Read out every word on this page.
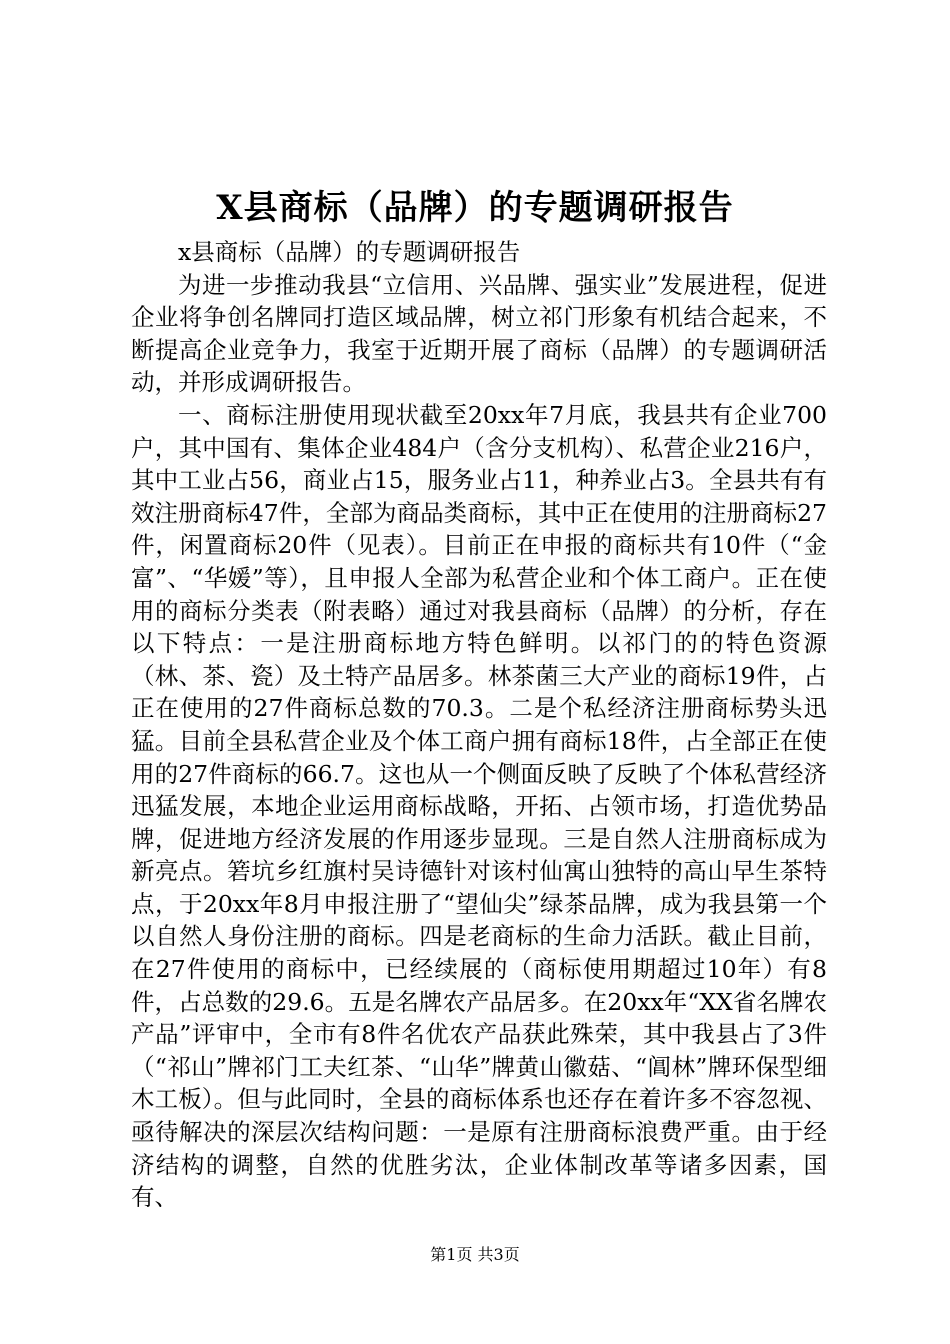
X县商标（品牌）的专题调研报告

x县商标（品牌）的专题调研报告

为进一步推动我县“立信用、兴品牌、强实业”发展进程，促进企业将争创名牌同打造区域品牌，树立祁门形象有机结合起来，不断提高企业竞争力，我室于近期开展了商标（品牌）的专题调研活动，并形成调研报告。

一、商标注册使用现状截至20xx年7月底，我县共有企业700户，其中国有、集体企业484户（含分支机构）、私营企业216户，其中工业占56，商业占15，服务业占11，种养业占3。全县共有有效注册商标47件，全部为商品类商标，其中正在使用的注册商标27件，闲置商标20件（见表）。目前正在申报的商标共有10件（“金富”、“华媛”等），且申报人全部为私营企业和个体工商户。正在使用的商标分类表（附表略）通过对我县商标（品牌）的分析，存在以下特点：一是注册商标地方特色鲜明。以祁门的的特色资源（林、茶、瓷）及土特产品居多。林茶菌三大产业的商标19件，占正在使用的27件商标总数的70.3。二是个私经济注册商标势头迅猛。目前全县私营企业及个体工商户拥有商标18件，占全部正在使用的27件商标的66.7。这也从一个侧面反映了反映了个体私营经济迅猛发展，本地企业运用商标战略，开拓、占领市场，打造优势品牌，促进地方经济发展的作用逐步显现。三是自然人注册商标成为新亮点。箬坑乡红旗村吴诗德针对该村仙寓山独特的高山早生茶特点，于20xx年8月申报注册了“望仙尖”绿茶品牌，成为我县第一个以自然人身份注册的商标。四是老商标的生命力活跃。截止目前，在27件使用的商标中，已经续展的（商标使用期超过10年）有8件，占总数的29.6。五是名牌农产品居多。在20xx年“XX省名牌农产品”评审中，全市有8件名优农产品获此殊荣，其中我县占了3件（“祁山”牌祁门工夫红茶、“山华”牌黄山徽菇、“阊林”牌环保型细木工板）。但与此同时，全县的商标体系也还存在着许多不容忽视、亟待解决的深层次结构问题：一是原有注册商标浪费严重。由于经济结构的调整，自然的优胜劣汰，企业体制改革等诸多因素，国有、

第1页 共3页
